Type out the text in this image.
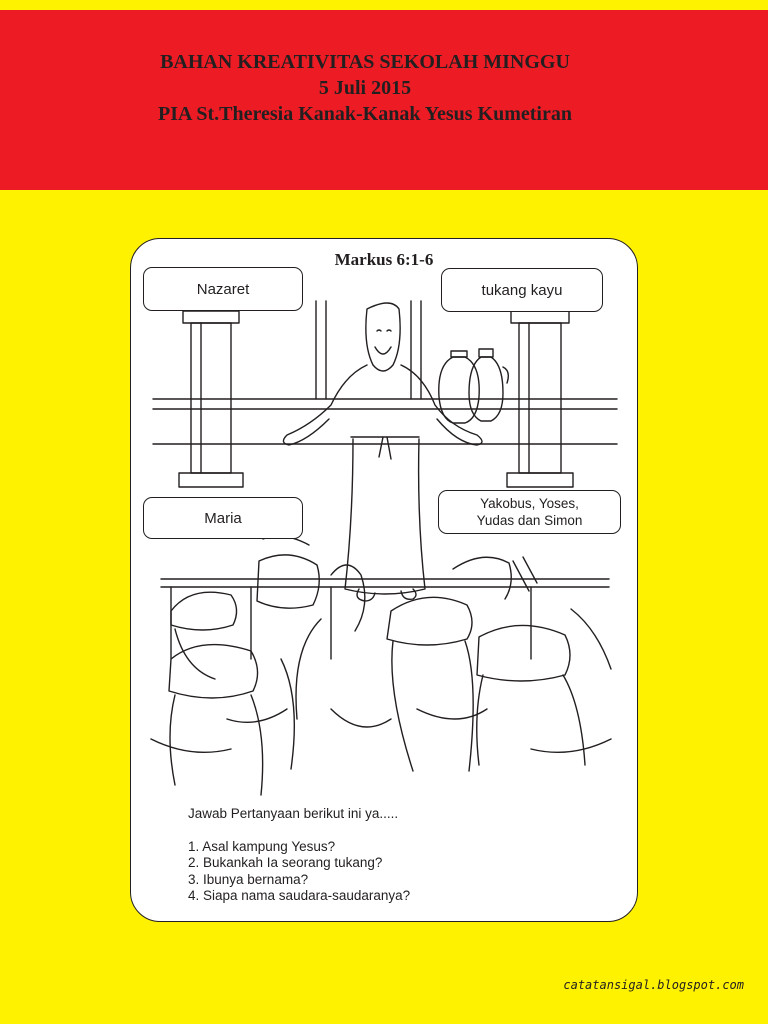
BAHAN KREATIVITAS SEKOLAH MINGGU
5 Juli 2015
PIA St.Theresia Kanak-Kanak Yesus Kumetiran
Markus 6:1-6
Nazaret	tukang kayu
Maria
Yakobus, Yoses,
Yudas dan Simon
Jawab Pertanyaan berikut ini ya.....
1. Asal kampung Yesus?
2. Bukankah Ia seorang tukang?
3. Ibunya bernama?
4. Siapa nama saudara-saudaranya?
catatansigal.blogspot.com
